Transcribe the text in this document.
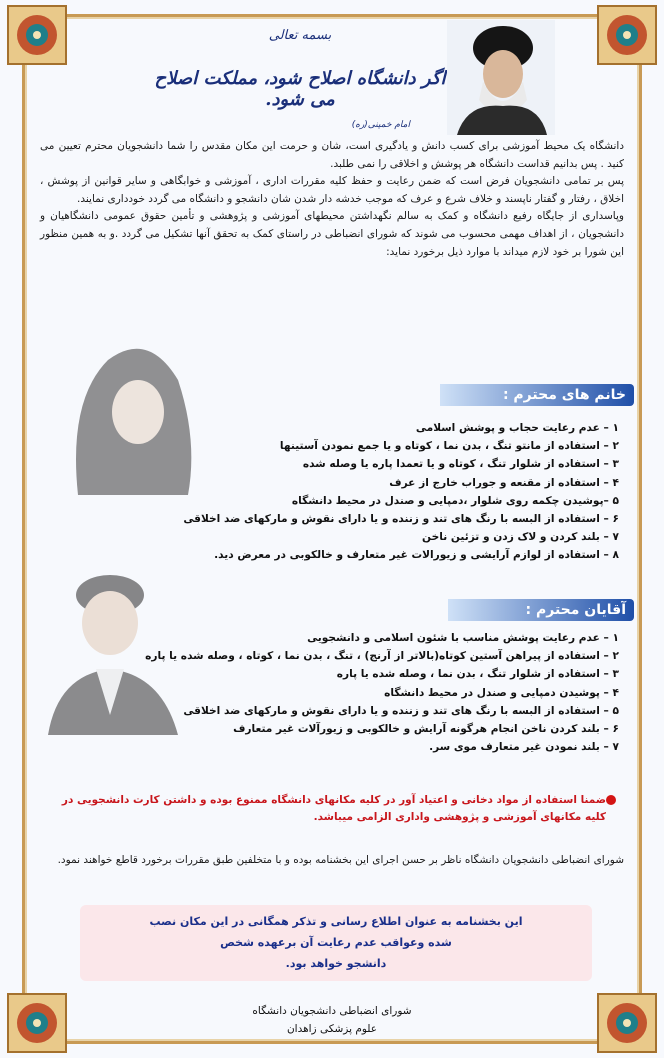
بسمه تعالی
اگر دانشگاه اصلاح شود، مملکت اصلاح می شود.
امام خمینی(ره)

دانشگاه یک محیط آموزشی برای کسب دانش و یادگیری است، شان و حرمت این مکان مقدس را شما دانشجویان محترم تعیین می کنید . پس بدانیم قداست دانشگاه هر پوشش و اخلاقی را نمی طلبد.

پس بر تمامی دانشجویان فرض است که ضمن رعایت و حفظ کلیه مقررات اداری ، آموزشی و خوابگاهی و سایر قوانین از پوشش ، اخلاق ، رفتار و گفتار ناپسند و خلاف شرع و عرف که موجب خدشه دار شدن شان دانشجو و دانشگاه می گردد خودداری نمایند.

وپاسداری از جایگاه رفیع دانشگاه و کمک به سالم نگهداشتن محیطهای آموزشی و پژوهشی و تأمین حقوق عمومی دانشگاهیان و دانشجویان ، از اهداف مهمی محسوب می شوند که شورای انضباطی در راستای کمک به تحقق آنها تشکیل می گردد .و به همین منظور این شورا بر خود لازم میداند با موارد ذیل برخورد نماید:

خانم های محترم :
۱ – عدم رعایت حجاب و پوشش اسلامی
۲ – استفاده از مانتو تنگ ، بدن نما ، کوتاه و یا جمع نمودن آستینها
۳ – استفاده از شلوار تنگ ، کوتاه و یا تعمدا پاره یا وصله شده
۴ – استفاده از مقنعه و جوراب خارج از عرف
۵ –پوشیدن چکمه روی شلوار ،دمپایی و صندل در محیط دانشگاه
۶ – استفاده از البسه با رنگ های تند و زننده و یا دارای نقوش و مارکهای ضد اخلاقی
۷ – بلند کردن و لاک زدن و تزئین ناخن
۸ – استفاده از لوازم آرایشی و زیورالات غیر متعارف و خالکوبی در معرض دید.
آقایان محترم :
۱ – عدم رعایت پوشش مناسب با شئون اسلامی و دانشجویی
۲ – استفاده از پیراهن آستین کوتاه(بالاتر از آرنج) ، تنگ ، بدن نما ، کوتاه ، وصله شده یا پاره
۳ – استفاده از شلوار تنگ ، بدن نما ، وصله شده یا پاره
۴ – پوشیدن دمپایی و صندل در محیط دانشگاه
۵ – استفاده از البسه با رنگ های تند و زننده و یا دارای نقوش و مارکهای ضد اخلاقی
۶ – بلند کردن ناخن انجام هرگونه آرایش و خالکوبی و زیورآلات غیر متعارف
۷ – بلند نمودن غیر متعارف موی سر.
ضمنا استفاده از مواد دخانی و اعتیاد آور در کلیه مکانهای دانشگاه ممنوع بوده و داشتن کارت دانشجویی در کلیه مکانهای آموزشی و پژوهشی واداری الزامی میباشد.
شورای انضباطی دانشجویان دانشگاه ناظر بر حسن اجرای این بخشنامه بوده و با متخلفین طبق مقررات برخورد قاطع خواهند نمود.
این بخشنامه به عنوان اطلاع رسانی و تذکر همگانی در این مکان نصب
شده وعواقب عدم رعایت آن برعهده شخص
دانشجو خواهد بود.
شورای انضباطی دانشجویان دانشگاه
علوم پزشکی زاهدان
